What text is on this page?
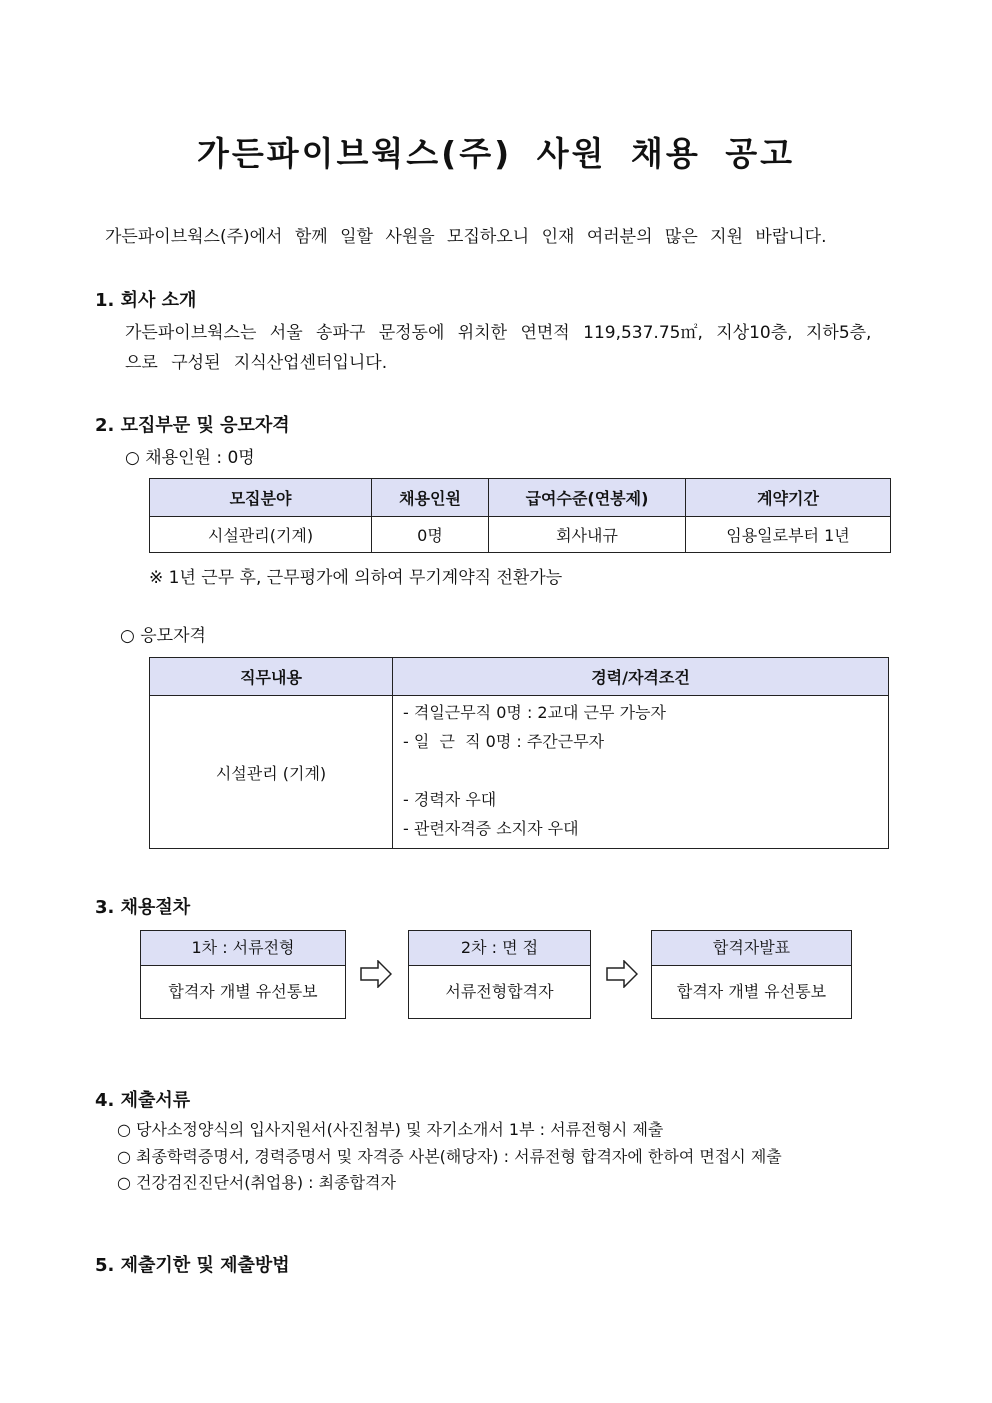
가든파이브웍스(주) 사원 채용 공고
가든파이브웍스(주)에서 함께 일할 사원을 모집하오니 인재 여러분의 많은 지원 바랍니다.
1. 회사 소개
가든파이브웍스는 서울 송파구 문정동에 위치한 연면적 119,537.75㎡, 지상10층, 지하5층,
으로 구성된 지식산업센터입니다.
2. 모집부문 및 응모자격
○ 채용인원 : 0명
모집분야	채용인원	급여수준(연봉제)	계약기간
시설관리(기계)	0명	회사내규	임용일로부터 1년
※ 1년 근무 후, 근무평가에 의하여 무기계약직 전환가능
○ 응모자격
직무내용	경력/자격조건
시설관리 (기계)	- 격일근무직 0명 : 2교대 근무 가능자
- 일  근  직 0명 : 주간근무자
- 경력자 우대
- 관련자격증 소지자 우대
3. 채용절차
1차 : 서류전형
합격자 개별 유선통보
2차 : 면 접
서류전형합격자
합격자발표
합격자 개별 유선통보
4. 제출서류
○ 당사소정양식의 입사지원서(사진첨부) 및 자기소개서 1부 : 서류전형시 제출
○ 최종학력증명서, 경력증명서 및 자격증 사본(해당자) : 서류전형 합격자에 한하여 면접시 제출
○ 건강검진진단서(취업용) : 최종합격자
5. 제출기한 및 제출방법
